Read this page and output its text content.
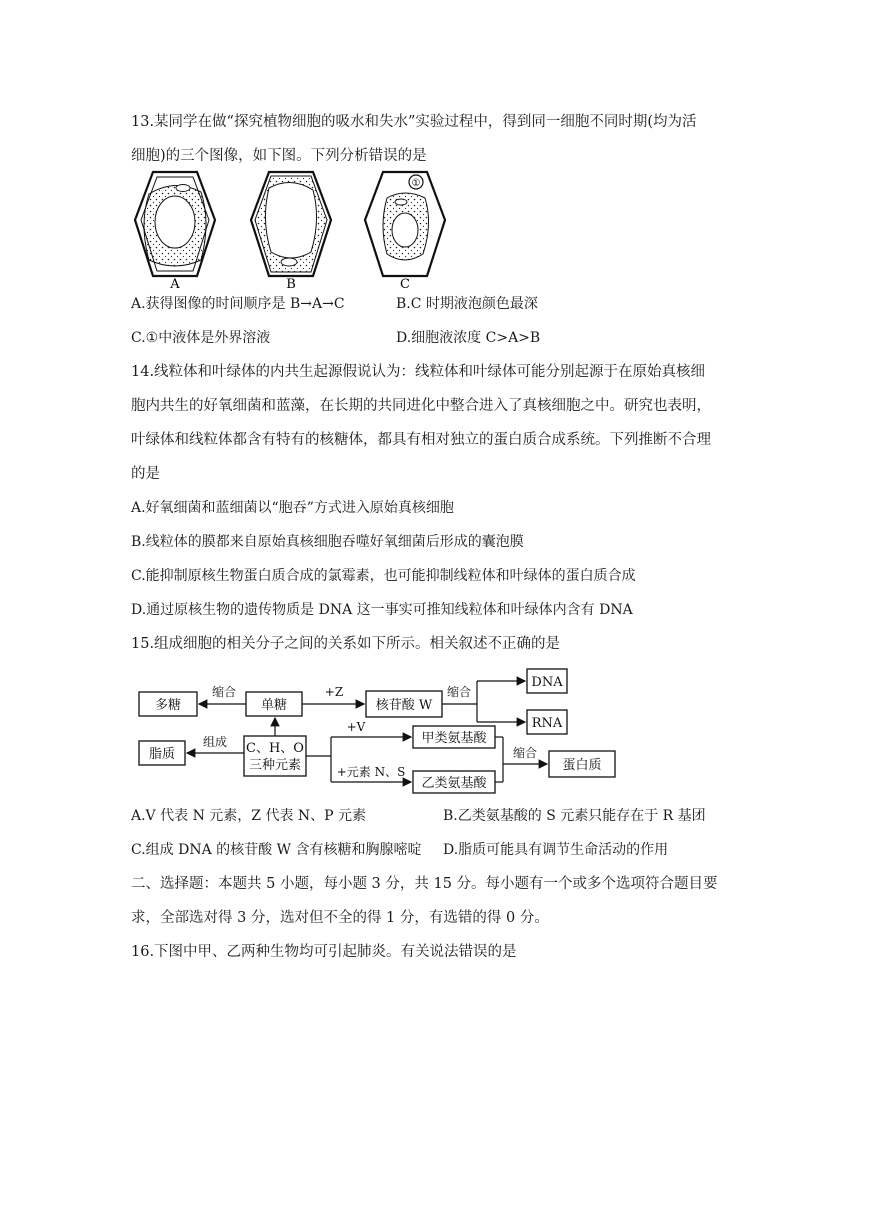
13.某同学在做“探究植物细胞的吸水和失水”实验过程中，得到同一细胞不同时期(均为活
细胞)的三个图像，如下图。下列分析错误的是
①
A	B	C
A.获得图像的时间顺序是 B→A→C	B.C 时期液泡颜色最深
C.①中液体是外界溶液	D.细胞液浓度 C>A>B
14.线粒体和叶绿体的内共生起源假说认为：线粒体和叶绿体可能分别起源于在原始真核细
胞内共生的好氧细菌和蓝藻，在长期的共同进化中整合进入了真核细胞之中。研究也表明，
叶绿体和线粒体都含有特有的核糖体，都具有相对独立的蛋白质合成系统。下列推断不合理
的是
A.好氧细菌和蓝细菌以“胞吞”方式进入原始真核细胞
B.线粒体的膜都来自原始真核细胞吞噬好氧细菌后形成的囊泡膜
C.能抑制原核生物蛋白质合成的氯霉素，也可能抑制线粒体和叶绿体的蛋白质合成
D.通过原核生物的遗传物质是 DNA 这一事实可推知线粒体和叶绿体内含有 DNA
15.组成细胞的相关分子之间的关系如下所示。相关叙述不正确的是
多糖	单糖	核苷酸 W
DNA
RNA
脂质	C、H、O
三种元素
甲类氨基酸
乙类氨基酸
蛋白质
缩合	+Z	缩合
组成
+V
+元素 N、S
缩合
A.V 代表 N 元素，Z 代表 N、P 元素	B.乙类氨基酸的 S 元素只能存在于 R 基团
C.组成 DNA 的核苷酸 W 含有核糖和胸腺嘧啶 D.脂质可能具有调节生命活动的作用
二、选择题：本题共 5 小题，每小题 3 分，共 15 分。每小题有一个或多个选项符合题目要
求，全部选对得 3 分，选对但不全的得 1 分，有选错的得 0 分。
16.下图中甲、乙两种生物均可引起肺炎。有关说法错误的是
